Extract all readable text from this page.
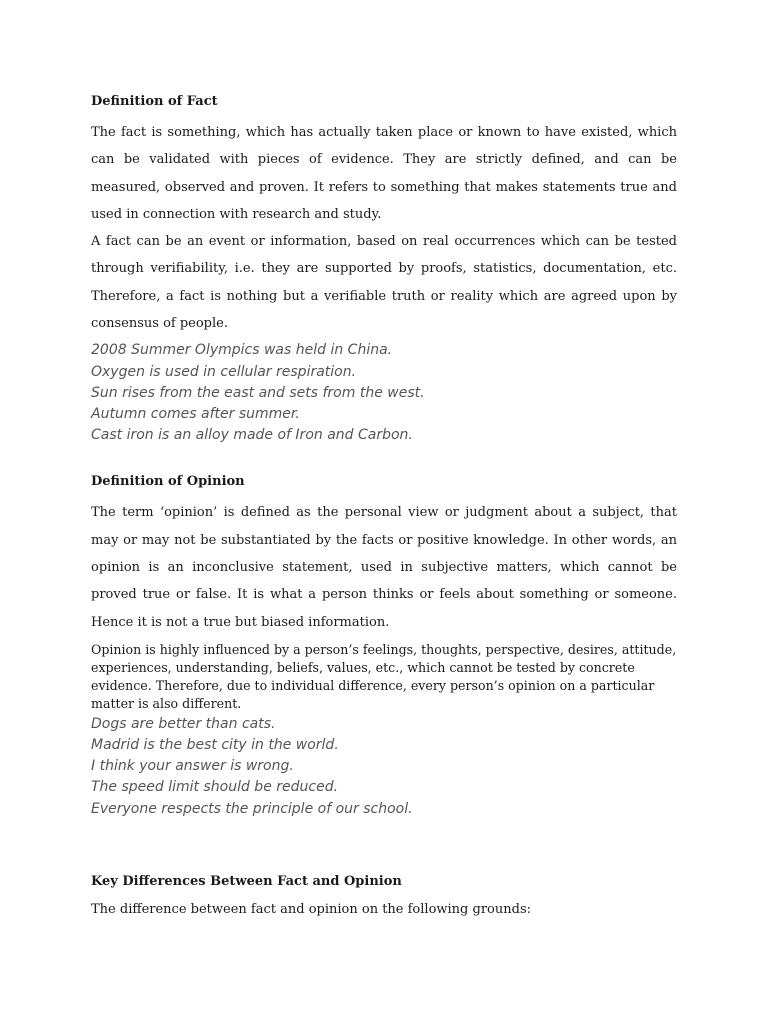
Definition of Fact

The fact is something, which has actually taken place or known to have existed, which can be validated with pieces of evidence. They are strictly defined, and can be measured, observed and proven. It refers to something that makes statements true and used in connection with research and study.

A fact can be an event or information, based on real occurrences which can be tested through verifiability, i.e. they are supported by proofs, statistics, documentation, etc. Therefore, a fact is nothing but a verifiable truth or reality which are agreed upon by consensus of people.

2008 Summer Olympics was held in China.
Oxygen is used in cellular respiration.
Sun rises from the east and sets from the west.
Autumn comes after summer.
Cast iron is an alloy made of Iron and Carbon.
Definition of Opinion

The term ‘opinion’ is defined as the personal view or judgment about a subject, that may or may not be substantiated by the facts or positive knowledge. In other words, an opinion is an inconclusive statement, used in subjective matters, which cannot be proved true or false. It is what a person thinks or feels about something or someone. Hence it is not a true but biased information.

Opinion is highly influenced by a person’s feelings, thoughts, perspective, desires, attitude, experiences, understanding, beliefs, values, etc., which cannot be tested by concrete evidence. Therefore, due to individual difference, every person’s opinion on a particular matter is also different.

Dogs are better than cats.
Madrid is the best city in the world.
I think your answer is wrong.
The speed limit should be reduced.
Everyone respects the principle of our school.
Key Differences Between Fact and Opinion

The difference between fact and opinion on the following grounds:
